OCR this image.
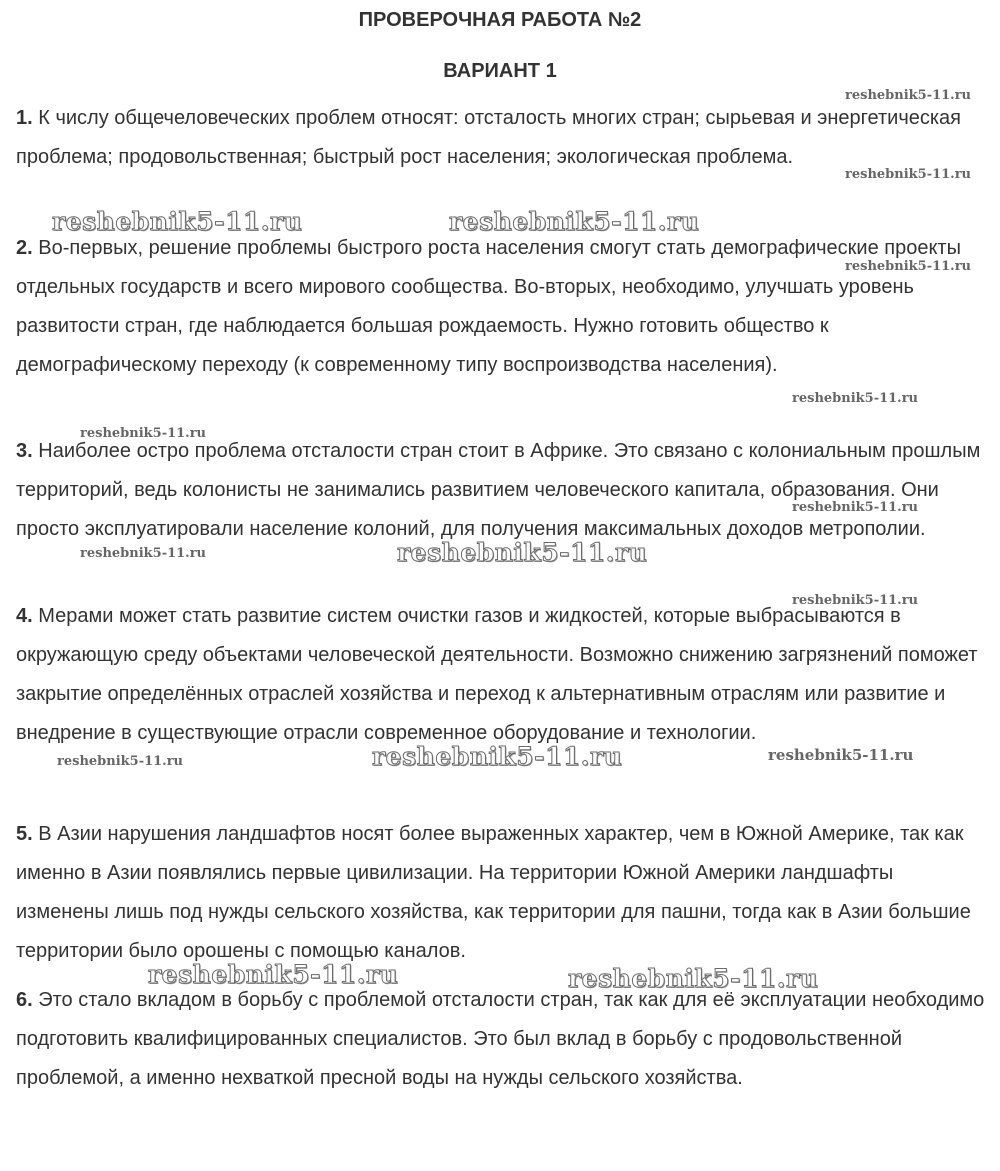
ПРОВЕРОЧНАЯ РАБОТА №2
ВАРИАНТ 1

1. К числу общечеловеческих проблем относят: отсталость многих стран; сырьевая и энергетическая проблема; продовольственная; быстрый рост населения; экологическая проблема.

2. Во-первых, решение проблемы быстрого роста населения смогут стать демографические проекты отдельных государств и всего мирового сообщества. Во-вторых, необходимо, улучшать уровень развитости стран, где наблюдается большая рождаемость. Нужно готовить общество к демографическому переходу (к современному типу воспроизводства населения).

3. Наиболее остро проблема отсталости стран стоит в Африке. Это связано с колониальным прошлым территорий, ведь колонисты не занимались развитием человеческого капитала, образования. Они просто эксплуатировали население колоний, для получения максимальных доходов метрополии.

4. Мерами может стать развитие систем очистки газов и жидкостей, которые выбрасываются в окружающую среду объектами человеческой деятельности. Возможно снижению загрязнений поможет закрытие определённых отраслей хозяйства и переход к альтернативным отраслям или развитие и внедрение в существующие отрасли современное оборудование и технологии.

5. В Азии нарушения ландшафтов носят более выраженных характер, чем в Южной Америке, так как именно в Азии появлялись первые цивилизации. На территории Южной Америки ландшафты изменены лишь под нужды сельского хозяйства, как территории для пашни, тогда как в Азии большие территории было орошены с помощью каналов.

6. Это стало вкладом в борьбу с проблемой отсталости стран, так как для её эксплуатации необходимо подготовить квалифицированных специалистов. Это был вклад в борьбу с продовольственной проблемой, а именно нехваткой пресной воды на нужды сельского хозяйства.

reshebnik5-11.ru
reshebnik5-11.ru
reshebnik5-11.ru
reshebnik5-11.ru
reshebnik5-11.ru
reshebnik5-11.ru
reshebnik5-11.ru
reshebnik5-11.ru
reshebnik5-11.ru	reshebnik5-11.ru
reshebnik5-11.ru	reshebnik5-11.ru
reshebnik5-11.ru
reshebnik5-11.ru
reshebnik5-11.ru	reshebnik5-11.ru
